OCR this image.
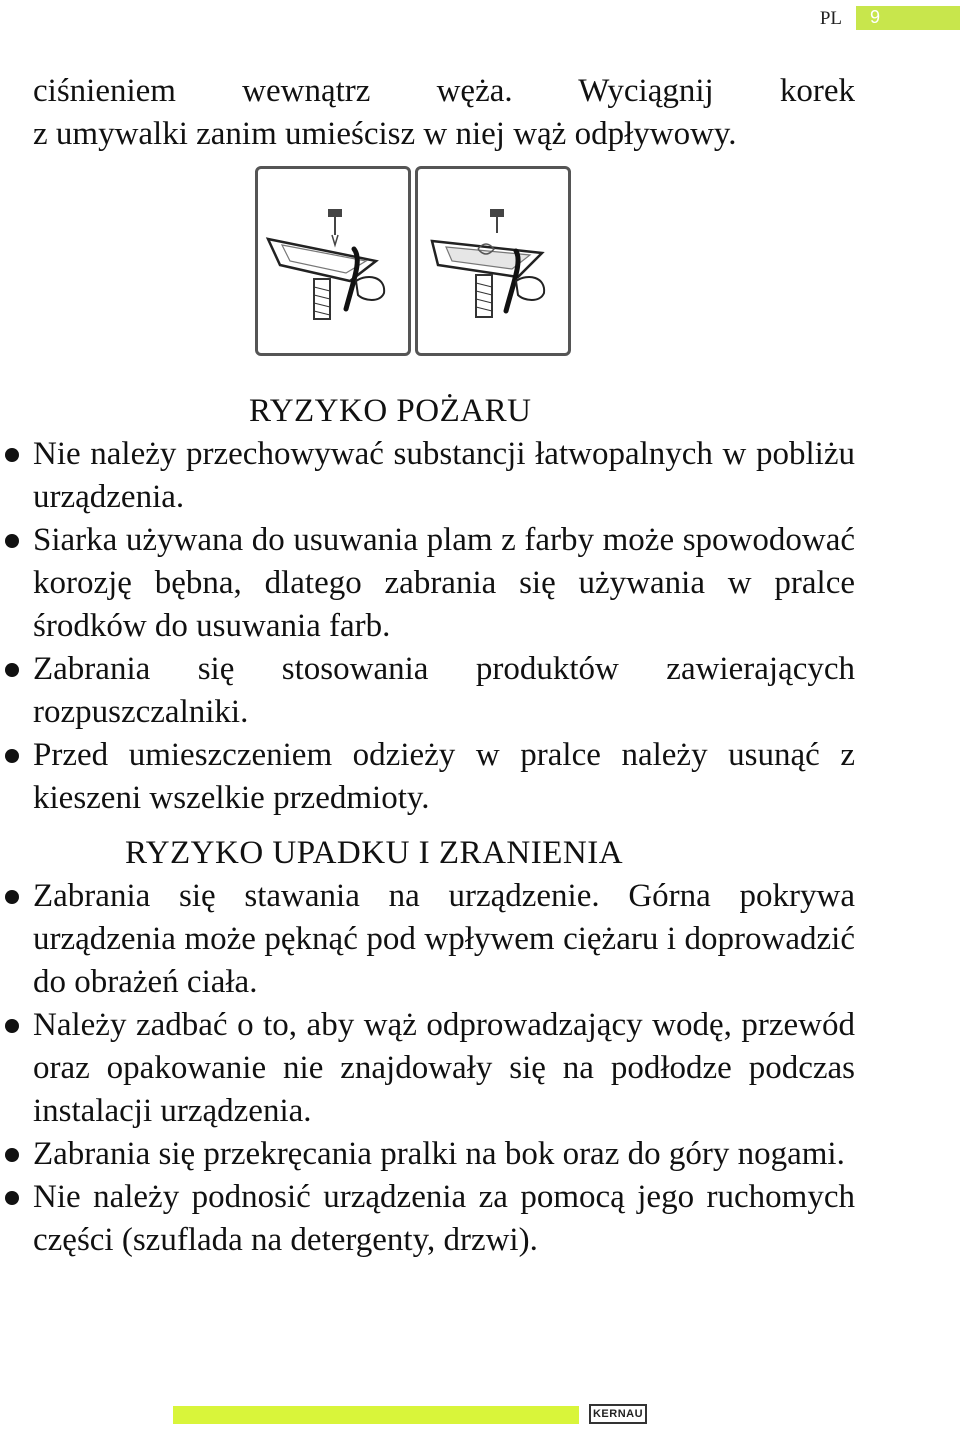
PL 9

ciśnieniem wewnątrz węża. Wyciągnij korek
z umywalki zanim umieścisz w niej wąż odpływowy.

RYZYKO POŻARU
Nie należy przechowywać substancji łatwopalnych w pobliżu urządzenia.
Siarka używana do usuwania plam z farby może spowodować korozję bębna, dlatego zabrania się używania w pralce środków do usuwania farb.
Zabrania się stosowania produktów zawierających rozpuszczalniki.
Przed umieszczeniem odzieży w pralce należy usunąć z kieszeni wszelkie przedmioty.
RYZYKO UPADKU I ZRANIENIA
Zabrania się stawania na urządzenie. Górna pokrywa urządzenia może pęknąć pod wpływem ciężaru i doprowadzić do obrażeń ciała.
Należy zadbać o to, aby wąż odprowadzający wodę, przewód oraz opakowanie nie znajdowały się na podłodze podczas instalacji urządzenia.
Zabrania się przekręcania pralki na bok oraz do góry nogami.
Nie należy podnosić urządzenia za pomocą jego ruchomych części (szuflada na detergenty, drzwi).
KERNAU
